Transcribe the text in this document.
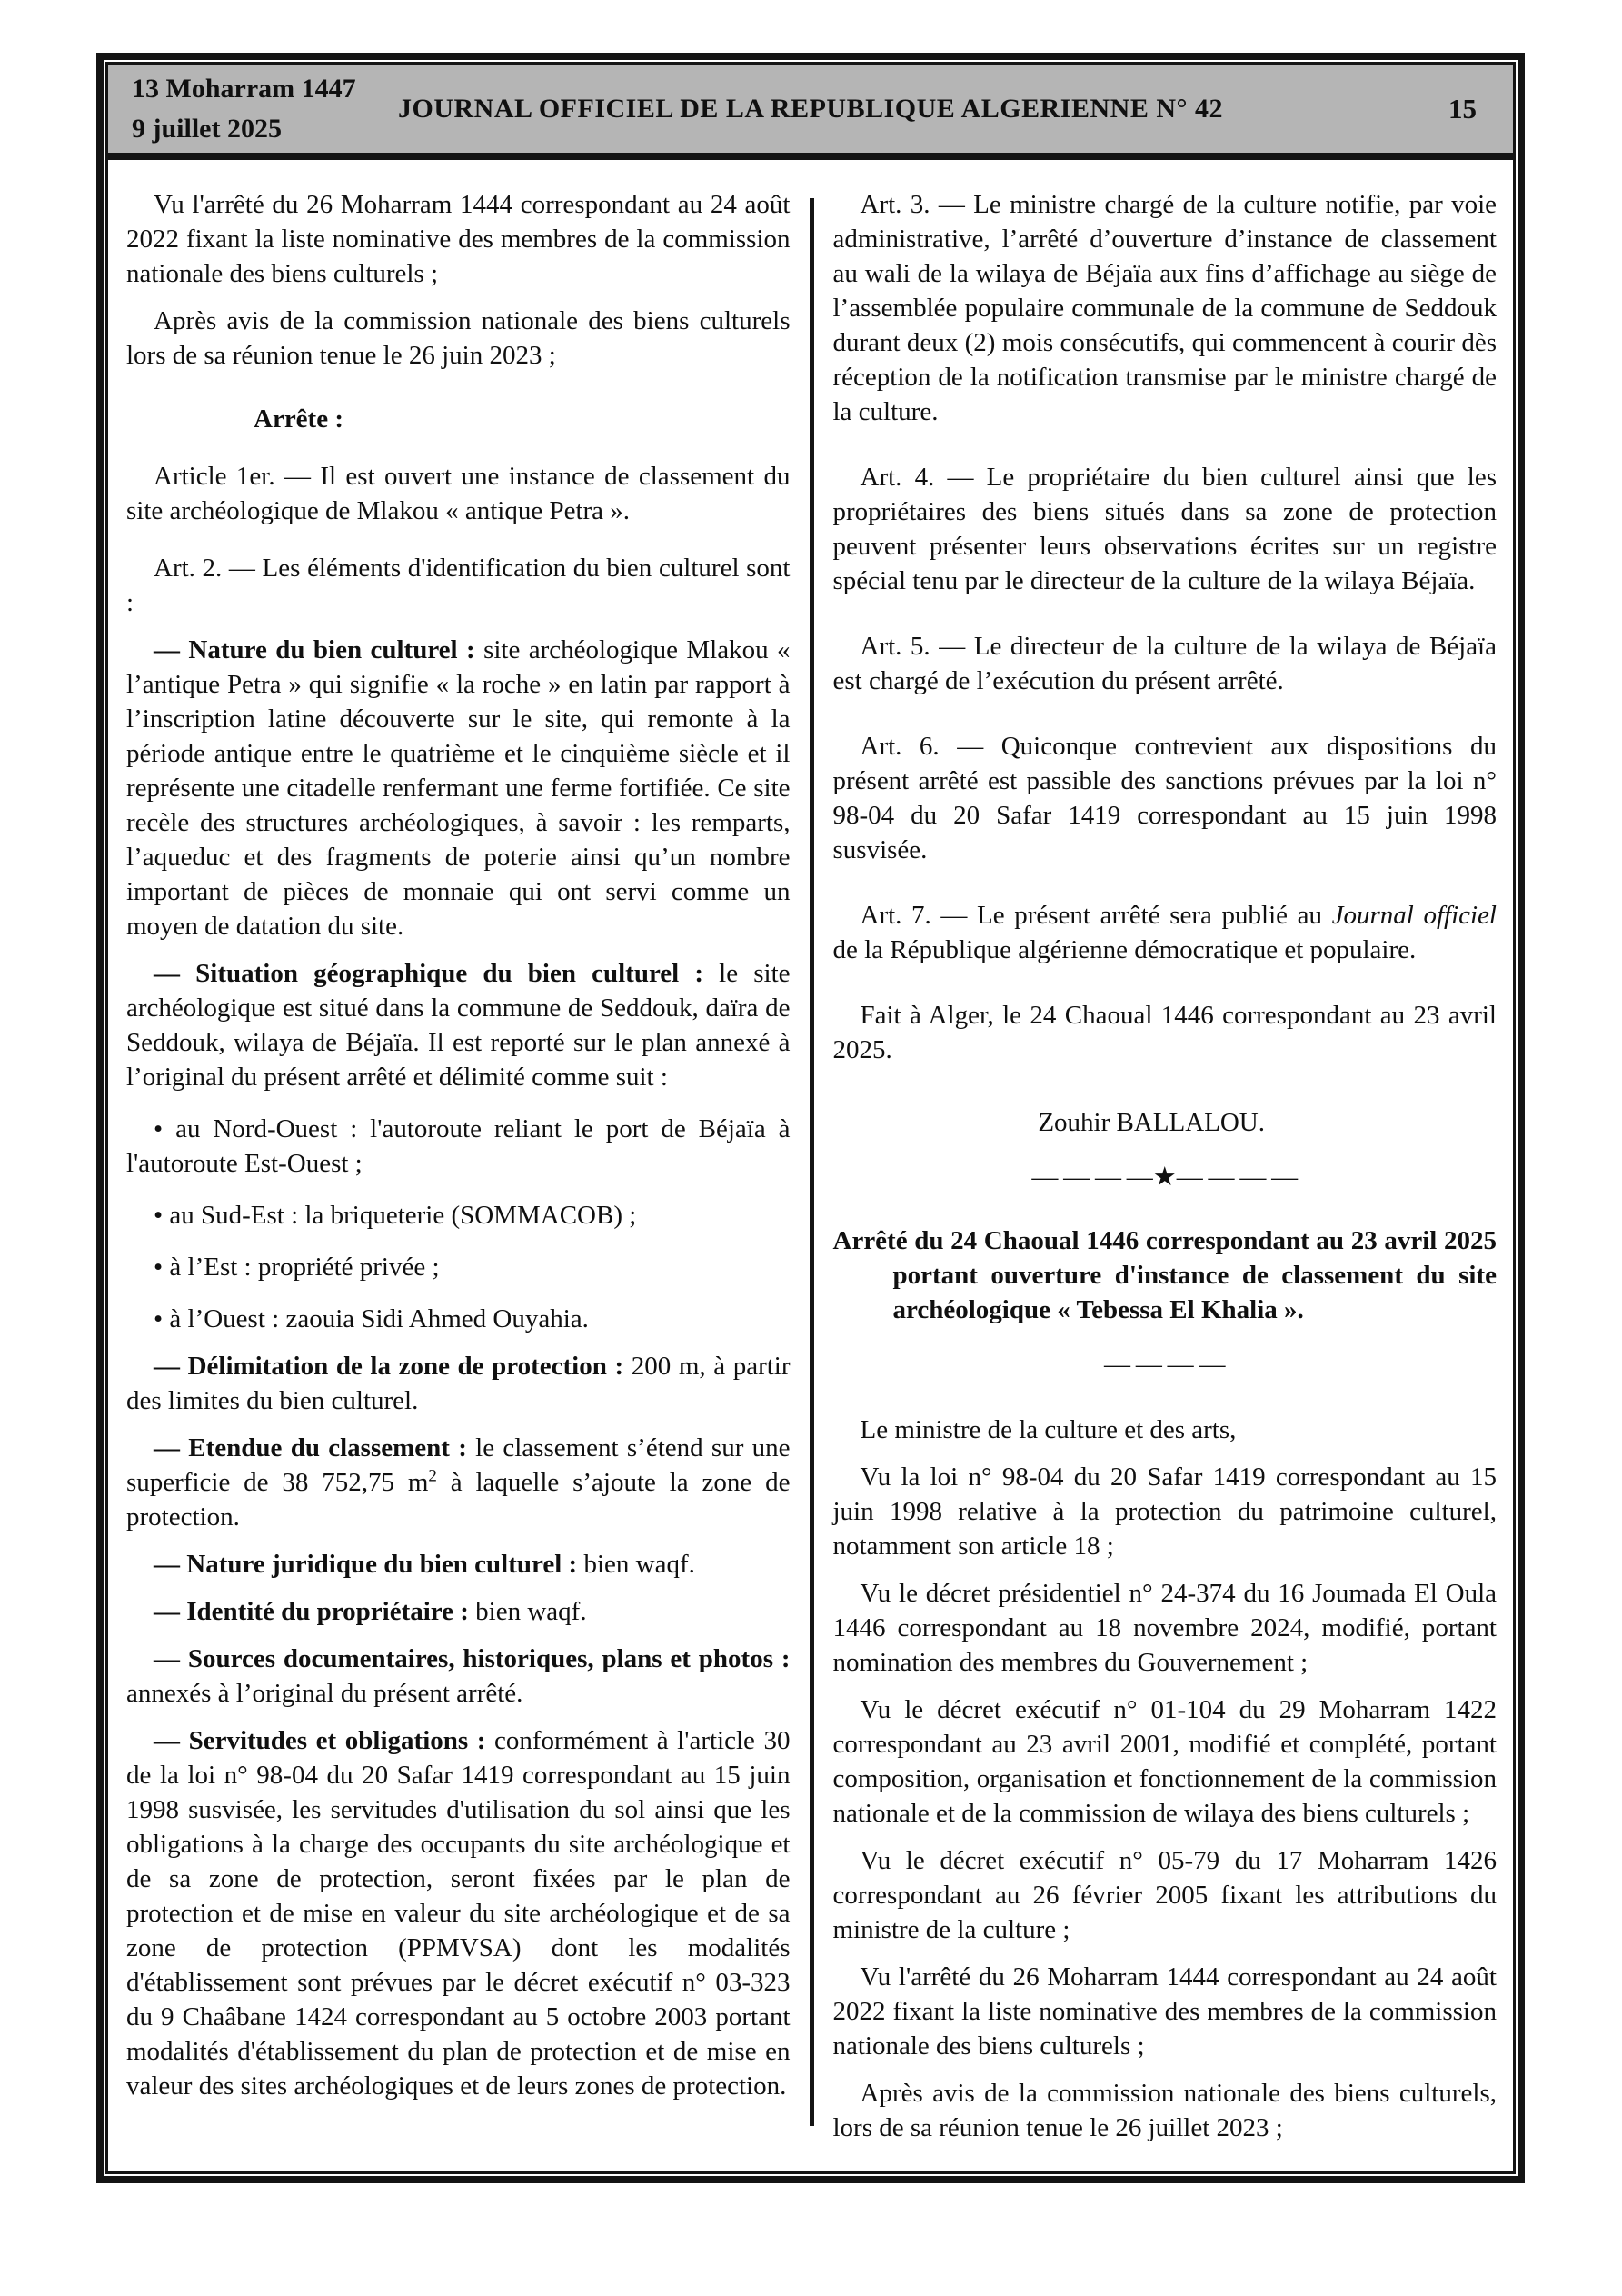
13 Moharram 1447
9 juillet 2025
JOURNAL OFFICIEL DE LA REPUBLIQUE ALGERIENNE N° 42	15

Vu l'arrêté du 26 Moharram 1444 correspondant au 24 août 2022 fixant la liste nominative des membres de la commission nationale des biens culturels ;

Après avis de la commission nationale des biens culturels lors de sa réunion tenue le 26 juin 2023 ;

Arrête :

Article 1er. — Il est ouvert une instance de classement du site archéologique de Mlakou « antique Petra ».

Art. 2. — Les éléments d'identification du bien culturel sont :

— Nature du bien culturel : site archéologique Mlakou « l’antique Petra » qui signifie « la roche » en latin par rapport à l’inscription latine découverte sur le site, qui remonte à la période antique entre le quatrième et le cinquième siècle et il représente une citadelle renfermant une ferme fortifiée. Ce site recèle des structures archéologiques, à savoir : les remparts, l’aqueduc et des fragments de poterie ainsi qu’un nombre important de pièces de monnaie qui ont servi comme un moyen de datation du site.

— Situation géographique du bien culturel : le site archéologique est situé dans la commune de Seddouk, daïra de Seddouk, wilaya de Béjaïa. Il est reporté sur le plan annexé à l’original du présent arrêté et délimité comme suit :

• au Nord-Ouest : l'autoroute reliant le port de Béjaïa à l'autoroute Est-Ouest ;

• au Sud-Est : la briqueterie (SOMMACOB) ;

• à l’Est : propriété privée ;

• à l’Ouest : zaouia Sidi Ahmed Ouyahia.

— Délimitation de la zone de protection : 200 m, à partir des limites du bien culturel.

— Etendue du classement : le classement s’étend sur une superficie de 38 752,75 $m^2$ à laquelle s’ajoute la zone de protection.

— Nature juridique du bien culturel : bien waqf.

— Identité du propriétaire : bien waqf.

— Sources documentaires, historiques, plans et photos : annexés à l’original du présent arrêté.

— Servitudes et obligations : conformément à l'article 30 de la loi n° 98-04 du 20 Safar 1419 correspondant au 15 juin 1998 susvisée, les servitudes d'utilisation du sol ainsi que les obligations à la charge des occupants du site archéologique et de sa zone de protection, seront fixées par le plan de protection et de mise en valeur du site archéologique et de sa zone de protection (PPMVSA) dont les modalités d'établissement sont prévues par le décret exécutif n° 03-323 du 9 Chaâbane 1424 correspondant au 5 octobre 2003 portant modalités d'établissement du plan de protection et de mise en valeur des sites archéologiques et de leurs zones de protection.

Art. 3. — Le ministre chargé de la culture notifie, par voie administrative, l’arrêté d’ouverture d’instance de classement au wali de la wilaya de Béjaïa aux fins d’affichage au siège de l’assemblée populaire communale de la commune de Seddouk durant deux (2) mois consécutifs, qui commencent à courir dès réception de la notification transmise par le ministre chargé de la culture.

Art. 4. — Le propriétaire du bien culturel ainsi que les propriétaires des biens situés dans sa zone de protection peuvent présenter leurs observations écrites sur un registre spécial tenu par le directeur de la culture de la wilaya Béjaïa.

Art. 5. — Le directeur de la culture de la wilaya de Béjaïa est chargé de l’exécution du présent arrêté.

Art. 6. — Quiconque contrevient aux dispositions du présent arrêté est passible des sanctions prévues par la loi n° 98-04 du 20 Safar 1419 correspondant au 15 juin 1998 susvisée.

Art. 7. — Le présent arrêté sera publié au Journal officiel de la République algérienne démocratique et populaire.

Fait à Alger, le 24 Chaoual 1446 correspondant au 23 avril 2025.

Zouhir BALLALOU.

— — — —★— — — —

Arrêté du 24 Chaoual 1446 correspondant au 23 avril 2025 portant ouverture d'instance de classement du site archéologique « Tebessa El Khalia ».

— — — —

Le ministre de la culture et des arts,

Vu la loi n° 98-04 du 20 Safar 1419 correspondant au 15 juin 1998 relative à la protection du patrimoine culturel, notamment son article 18 ;

Vu le décret présidentiel n° 24-374 du 16 Joumada El Oula 1446 correspondant au 18 novembre 2024, modifié, portant nomination des membres du Gouvernement ;

Vu le décret exécutif n° 01-104 du 29 Moharram 1422 correspondant au 23 avril 2001, modifié et complété, portant composition, organisation et fonctionnement de la commission nationale et de la commission de wilaya des biens culturels ;

Vu le décret exécutif n° 05-79 du 17 Moharram 1426 correspondant au 26 février 2005 fixant les attributions du ministre de la culture ;

Vu l'arrêté du 26 Moharram 1444 correspondant au 24 août 2022 fixant la liste nominative des membres de la commission nationale des biens culturels ;

Après avis de la commission nationale des biens culturels, lors de sa réunion tenue le 26 juillet 2023 ;
